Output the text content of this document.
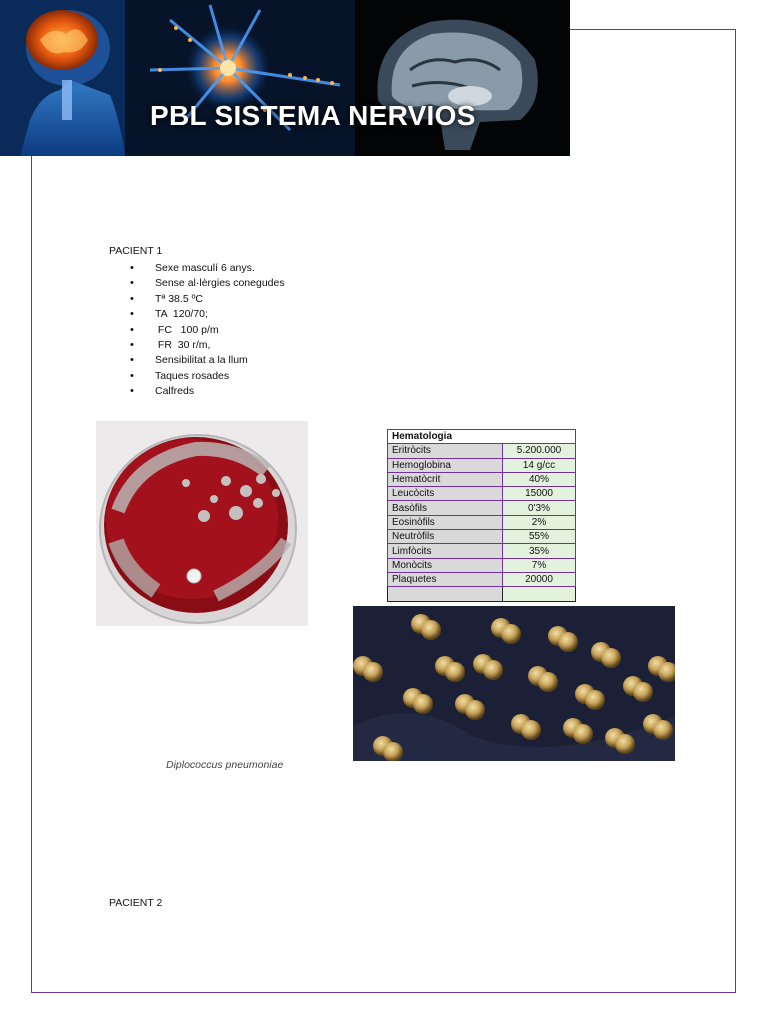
PBL SISTEMA NERVIOS
PACIENT 1
• Sexe masculí 6 anys.
• Sense al·lèrgies conegudes
• Tª 38.5 ºC
• TA  120/70;
•  FC   100 p/m
•  FR  30 r/m,
• Sensibilitat a la llum
• Taques rosades
• Calfreds
Hematologia	
Eritròcits	5.200.000
Hemoglobina	14 g/cc
Hematòcrit	40%
Leucòcits	15000
Basòfils	0'3%
Eosinòfils	2%
Neutròfils	55%
Limfòcits	35%
Monòcits	7%
Plaquetes	20000

Diplococcus pneumoniae
PACIENT 2
